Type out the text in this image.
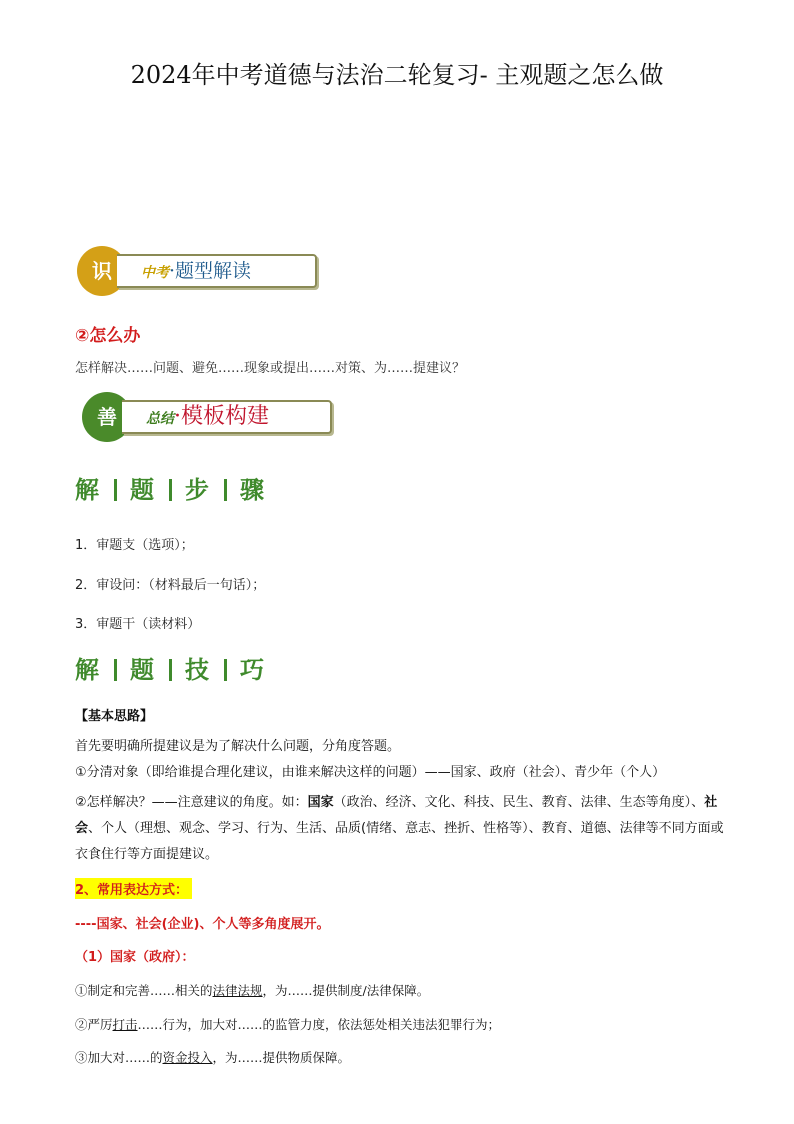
2024年中考道德与法治二轮复习- 主观题之怎么做
识	中考·题型解读
②怎么办
怎样解决……问题、避免……现象或提出……对策、为……提建议？
善	总结·模板构建
解 题 步 骤
1．审题支（选项）；
2．审设问：（材料最后一句话）；
3．审题干（读材料）
解 题 技 巧
【基本思路】
首先要明确所提建议是为了解决什么问题，分角度答题。
①分清对象（即给谁提合理化建议，由谁来解决这样的问题）——国家、政府（社会）、青少年（个人）
②怎样解决？——注意建议的角度。如：国家（政治、经济、文化、科技、民生、教育、法律、生态等角度）、社会、个人（理想、观念、学习、行为、生活、品质(情绪、意志、挫折、性格等）、教育、道德、法律等不同方面或衣食住行等方面提建议。
2、常用表达方式：
----国家、社会(企业)、个人等多角度展开。
（1）国家（政府）：
①制定和完善……相关的法律法规，为……提供制度/法律保障。
②严厉打击……行为，加大对……的监管力度，依法惩处相关违法犯罪行为；
③加大对……的资金投入，为……提供物质保障。
